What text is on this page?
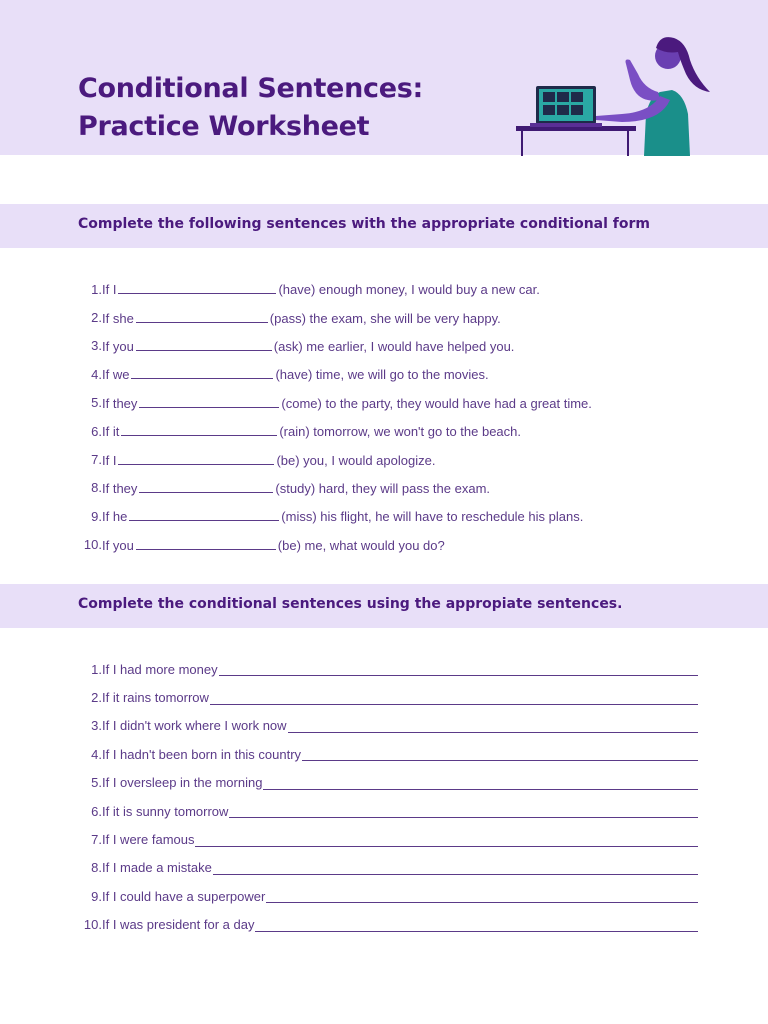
Conditional Sentences:
Practice Worksheet
Complete the following sentences with the appropriate conditional form
1. If I	(have) enough money, I would buy a new car.
2. If she	(pass) the exam, she will be very happy.
3. If you	(ask) me earlier, I would have helped you.
4. If we	(have) time, we will go to the movies.
5. If they	(come) to the party, they would have had a great time.
6. If it	(rain) tomorrow, we won't go to the beach.
7. If I	(be) you, I would apologize.
8. If they	(study) hard, they will pass the exam.
9. If he	(miss) his flight, he will have to reschedule his plans.
10. If you	(be) me, what would you do?
Complete the conditional sentences using the appropiate sentences.
1. If I had more money
2. If it rains tomorrow
3. If I didn't work where I work now
4. If I hadn't been born in this country
5. If I oversleep in the morning
6. If it is sunny tomorrow
7. If I were famous
8. If I made a mistake
9. If I could have a superpower
10. If I was president for a day
